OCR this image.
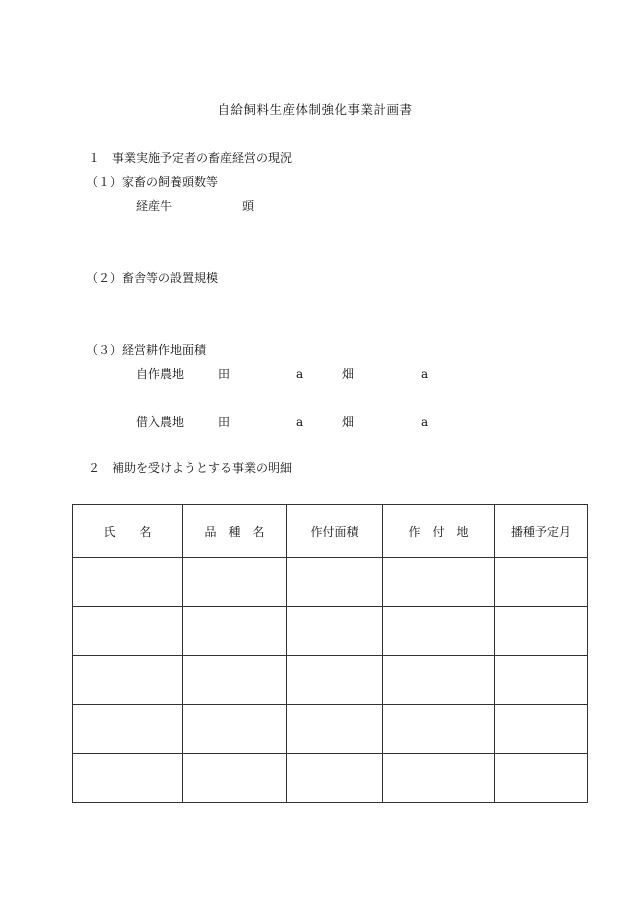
自給飼料生産体制強化事業計画書
１　事業実施予定者の畜産経営の現況
（１）家畜の飼養頭数等
経産牛	頭
（２）畜舎等の設置規模
（３）経営耕作地面積
自作農地	田	a	畑	a
借入農地	田	a	畑	a
２　補助を受けようとする事業の明細
氏　　名	品　種　名	作付面積	作　付　地	播種予定月
